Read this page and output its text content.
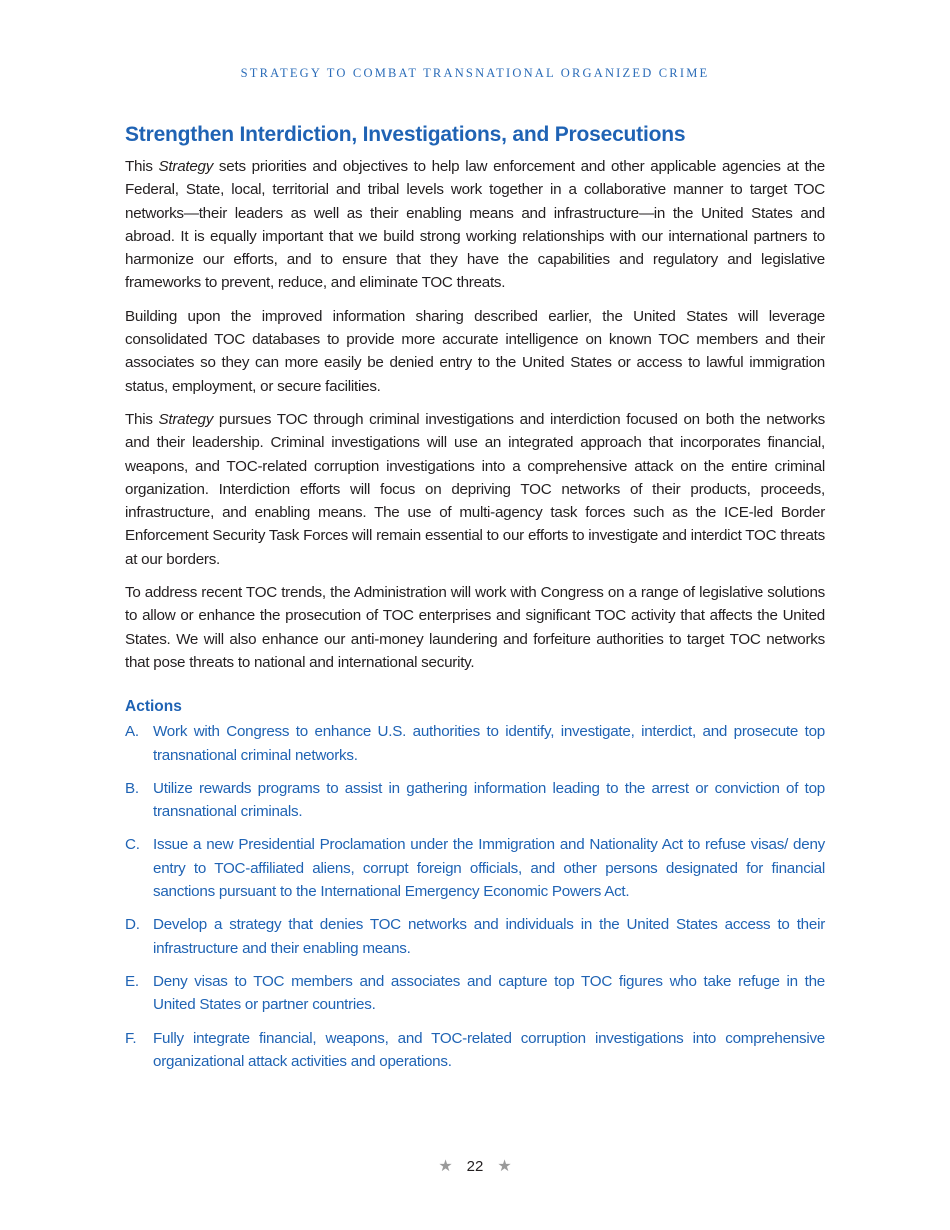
STRATEGY TO COMBAT TRANSNATIONAL ORGANIZED CRIME
Strengthen Interdiction, Investigations, and Prosecutions

This Strategy sets priorities and objectives to help law enforcement and other applicable agencies at the Federal, State, local, territorial and tribal levels work together in a collaborative manner to target TOC networks—their leaders as well as their enabling means and infrastructure—in the United States and abroad. It is equally important that we build strong working relationships with our international partners to harmonize our efforts, and to ensure that they have the capabilities and regulatory and legislative frameworks to prevent, reduce, and eliminate TOC threats.

Building upon the improved information sharing described earlier, the United States will leverage consolidated TOC databases to provide more accurate intelligence on known TOC members and their associates so they can more easily be denied entry to the United States or access to lawful immigration status, employment, or secure facilities.

This Strategy pursues TOC through criminal investigations and interdiction focused on both the networks and their leadership. Criminal investigations will use an integrated approach that incorporates financial, weapons, and TOC-related corruption investigations into a comprehensive attack on the entire criminal organization. Interdiction efforts will focus on depriving TOC networks of their products, proceeds, infrastructure, and enabling means. The use of multi-agency task forces such as the ICE-led Border Enforcement Security Task Forces will remain essential to our efforts to investigate and interdict TOC threats at our borders.

To address recent TOC trends, the Administration will work with Congress on a range of legislative solutions to allow or enhance the prosecution of TOC enterprises and significant TOC activity that affects the United States. We will also enhance our anti-money laundering and forfeiture authorities to target TOC networks that pose threats to national and international security.

Actions
A. Work with Congress to enhance U.S. authorities to identify, investigate, interdict, and prosecute top transnational criminal networks.
B. Utilize rewards programs to assist in gathering information leading to the arrest or conviction of top transnational criminals.
C. Issue a new Presidential Proclamation under the Immigration and Nationality Act to refuse visas/ deny entry to TOC-affiliated aliens, corrupt foreign officials, and other persons designated for financial sanctions pursuant to the International Emergency Economic Powers Act.
D. Develop a strategy that denies TOC networks and individuals in the United States access to their infrastructure and their enabling means.
E. Deny visas to TOC members and associates and capture top TOC figures who take refuge in the United States or partner countries.
F.	Fully integrate financial, weapons, and TOC-related corruption investigations into comprehensive organizational attack activities and operations.
★ 22 ★
